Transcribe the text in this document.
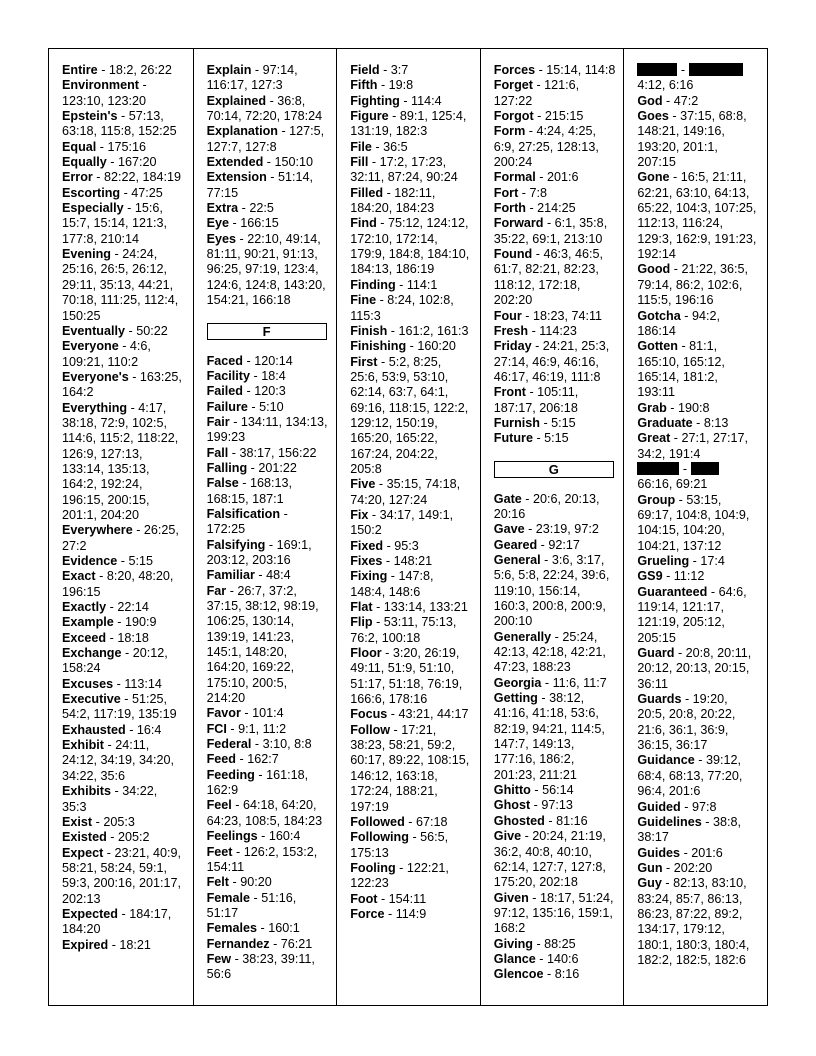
Entire - 18:2, 26:22

Environment - 123:10, 123:20

Epstein's - 57:13, 63:18, 115:8, 152:25

Equal - 175:16

Equally - 167:20

Error - 82:22, 184:19

Escorting - 47:25

Especially - 15:6, 15:7, 15:14, 121:3, 177:8, 210:14

Evening - 24:24, 25:16, 26:5, 26:12, 29:11, 35:13, 44:21, 70:18, 111:25, 112:4, 150:25

Eventually - 50:22

Everyone - 4:6, 109:21, 110:2

Everyone's - 163:25, 164:2

Everything - 4:17, 38:18, 72:9, 102:5, 114:6, 115:2, 118:22, 126:9, 127:13, 133:14, 135:13, 164:2, 192:24, 196:15, 200:15, 201:1, 204:20

Everywhere - 26:25, 27:2

Evidence - 5:15

Exact - 8:20, 48:20, 196:15

Exactly - 22:14

Example - 190:9

Exceed - 18:18

Exchange - 20:12, 158:24

Excuses - 113:14

Executive - 51:25, 54:2, 117:19, 135:19

Exhausted - 16:4

Exhibit - 24:11, 24:12, 34:19, 34:20, 34:22, 35:6

Exhibits - 34:22, 35:3

Exist - 205:3

Existed - 205:2

Expect - 23:21, 40:9, 58:21, 58:24, 59:1, 59:3, 200:16, 201:17, 202:13

Expected - 184:17, 184:20

Expired - 18:21

Explain - 97:14, 116:17, 127:3

Explained - 36:8, 70:14, 72:20, 178:24

Explanation - 127:5, 127:7, 127:8

Extended - 150:10

Extension - 51:14, 77:15

Extra - 22:5

Eye - 166:15

Eyes - 22:10, 49:14, 81:11, 90:21, 91:13, 96:25, 97:19, 123:4, 124:6, 124:8, 143:20, 154:21, 166:18

F

Faced - 120:14

Facility - 18:4

Failed - 120:3

Failure - 5:10

Fair - 134:11, 134:13, 199:23

Fall - 38:17, 156:22

Falling - 201:22

False - 168:13, 168:15, 187:1

Falsification - 172:25

Falsifying - 169:1, 203:12, 203:16

Familiar - 48:4

Far - 26:7, 37:2, 37:15, 38:12, 98:19, 106:25, 130:14, 139:19, 141:23, 145:1, 148:20, 164:20, 169:22, 175:10, 200:5, 214:20

Favor - 101:4

FCI - 9:1, 11:2

Federal - 3:10, 8:8

Feed - 162:7

Feeding - 161:18, 162:9

Feel - 64:18, 64:20, 64:23, 108:5, 184:23

Feelings - 160:4

Feet - 126:2, 153:2, 154:11

Felt - 90:20

Female - 51:16, 51:17

Females - 160:1

Fernandez - 76:21

Few - 38:23, 39:11, 56:6

Field - 3:7

Fifth - 19:8

Fighting - 114:4

Figure - 89:1, 125:4, 131:19, 182:3

File - 36:5

Fill - 17:2, 17:23, 32:11, 87:24, 90:24

Filled - 182:11, 184:20, 184:23

Find - 75:12, 124:12, 172:10, 172:14, 179:9, 184:8, 184:10, 184:13, 186:19

Finding - 114:1

Fine - 8:24, 102:8, 115:3

Finish - 161:2, 161:3

Finishing - 160:20

First - 5:2, 8:25, 25:6, 53:9, 53:10, 62:14, 63:7, 64:1, 69:16, 118:15, 122:2, 129:12, 150:19, 165:20, 165:22, 167:24, 204:22, 205:8

Five - 35:15, 74:18, 74:20, 127:24

Fix - 34:17, 149:1, 150:2

Fixed - 95:3

Fixes - 148:21

Fixing - 147:8, 148:4, 148:6

Flat - 133:14, 133:21

Flip - 53:11, 75:13, 76:2, 100:18

Floor - 3:20, 26:19, 49:11, 51:9, 51:10, 51:17, 51:18, 76:19, 166:6, 178:16

Focus - 43:21, 44:17

Follow - 17:21, 38:23, 58:21, 59:2, 60:17, 89:22, 108:15, 146:12, 163:18, 172:24, 188:21, 197:19

Followed - 67:18

Following - 56:5, 175:13

Fooling - 122:21, 122:23

Foot - 154:11

Force - 114:9

Forces - 15:14, 114:8

Forget - 121:6, 127:22

Forgot - 215:15

Form - 4:24, 4:25, 6:9, 27:25, 128:13, 200:24

Formal - 201:6

Fort - 7:8

Forth - 214:25

Forward - 6:1, 35:8, 35:22, 69:1, 213:10

Found - 46:3, 46:5, 61:7, 82:21, 82:23, 118:12, 172:18, 202:20

Four - 18:23, 74:11

Fresh - 114:23

Friday - 24:21, 25:3, 27:14, 46:9, 46:16, 46:17, 46:19, 111:8

Front - 105:11, 187:17, 206:18

Furnish - 5:15

Future - 5:15

G

Gate - 20:6, 20:13, 20:16

Gave - 23:19, 97:2

Geared - 92:17

General - 3:6, 3:17, 5:6, 5:8, 22:24, 39:6, 119:10, 156:14, 160:3, 200:8, 200:9, 200:10

Generally - 25:24, 42:13, 42:18, 42:21, 47:23, 188:23

Georgia - 11:6, 11:7

Getting - 38:12, 41:16, 41:18, 53:6, 82:19, 94:21, 114:5, 147:7, 149:13, 177:16, 186:2, 201:23, 211:21

Ghitto - 56:14

Ghost - 97:13

Ghosted - 81:16

Give - 20:24, 21:19, 36:2, 40:8, 40:10, 62:14, 127:7, 127:8, 175:20, 202:18

Given - 18:17, 51:24, 97:12, 135:16, 159:1, 168:2

Giving - 88:25

Glance - 140:6

Glencoe - 8:16

-
4:12, 6:16

God - 47:2

Goes - 37:15, 68:8, 148:21, 149:16, 193:20, 201:1, 207:15

Gone - 16:5, 21:11, 62:21, 63:10, 64:13, 65:22, 104:3, 107:25, 112:13, 116:24, 129:3, 162:9, 191:23, 192:14

Good - 21:22, 36:5, 79:14, 86:2, 102:6, 115:5, 196:16

Gotcha - 94:2, 186:14

Gotten - 81:1, 165:10, 165:12, 165:14, 181:2, 193:11

Grab - 190:8

Graduate - 8:13

Great - 27:1, 27:17, 34:2, 191:4

-
66:16, 69:21

Group - 53:15, 69:17, 104:8, 104:9, 104:15, 104:20, 104:21, 137:12

Grueling - 17:4

GS9 - 11:12

Guaranteed - 64:6, 119:14, 121:17, 121:19, 205:12, 205:15

Guard - 20:8, 20:11, 20:12, 20:13, 20:15, 36:11

Guards - 19:20, 20:5, 20:8, 20:22, 21:6, 36:1, 36:9, 36:15, 36:17

Guidance - 39:12, 68:4, 68:13, 77:20, 96:4, 201:6

Guided - 97:8

Guidelines - 38:8, 38:17

Guides - 201:6

Gun - 202:20

Guy - 82:13, 83:10, 83:24, 85:7, 86:13, 86:23, 87:22, 89:2, 134:17, 179:12, 180:1, 180:3, 180:4, 182:2, 182:5, 182:6
